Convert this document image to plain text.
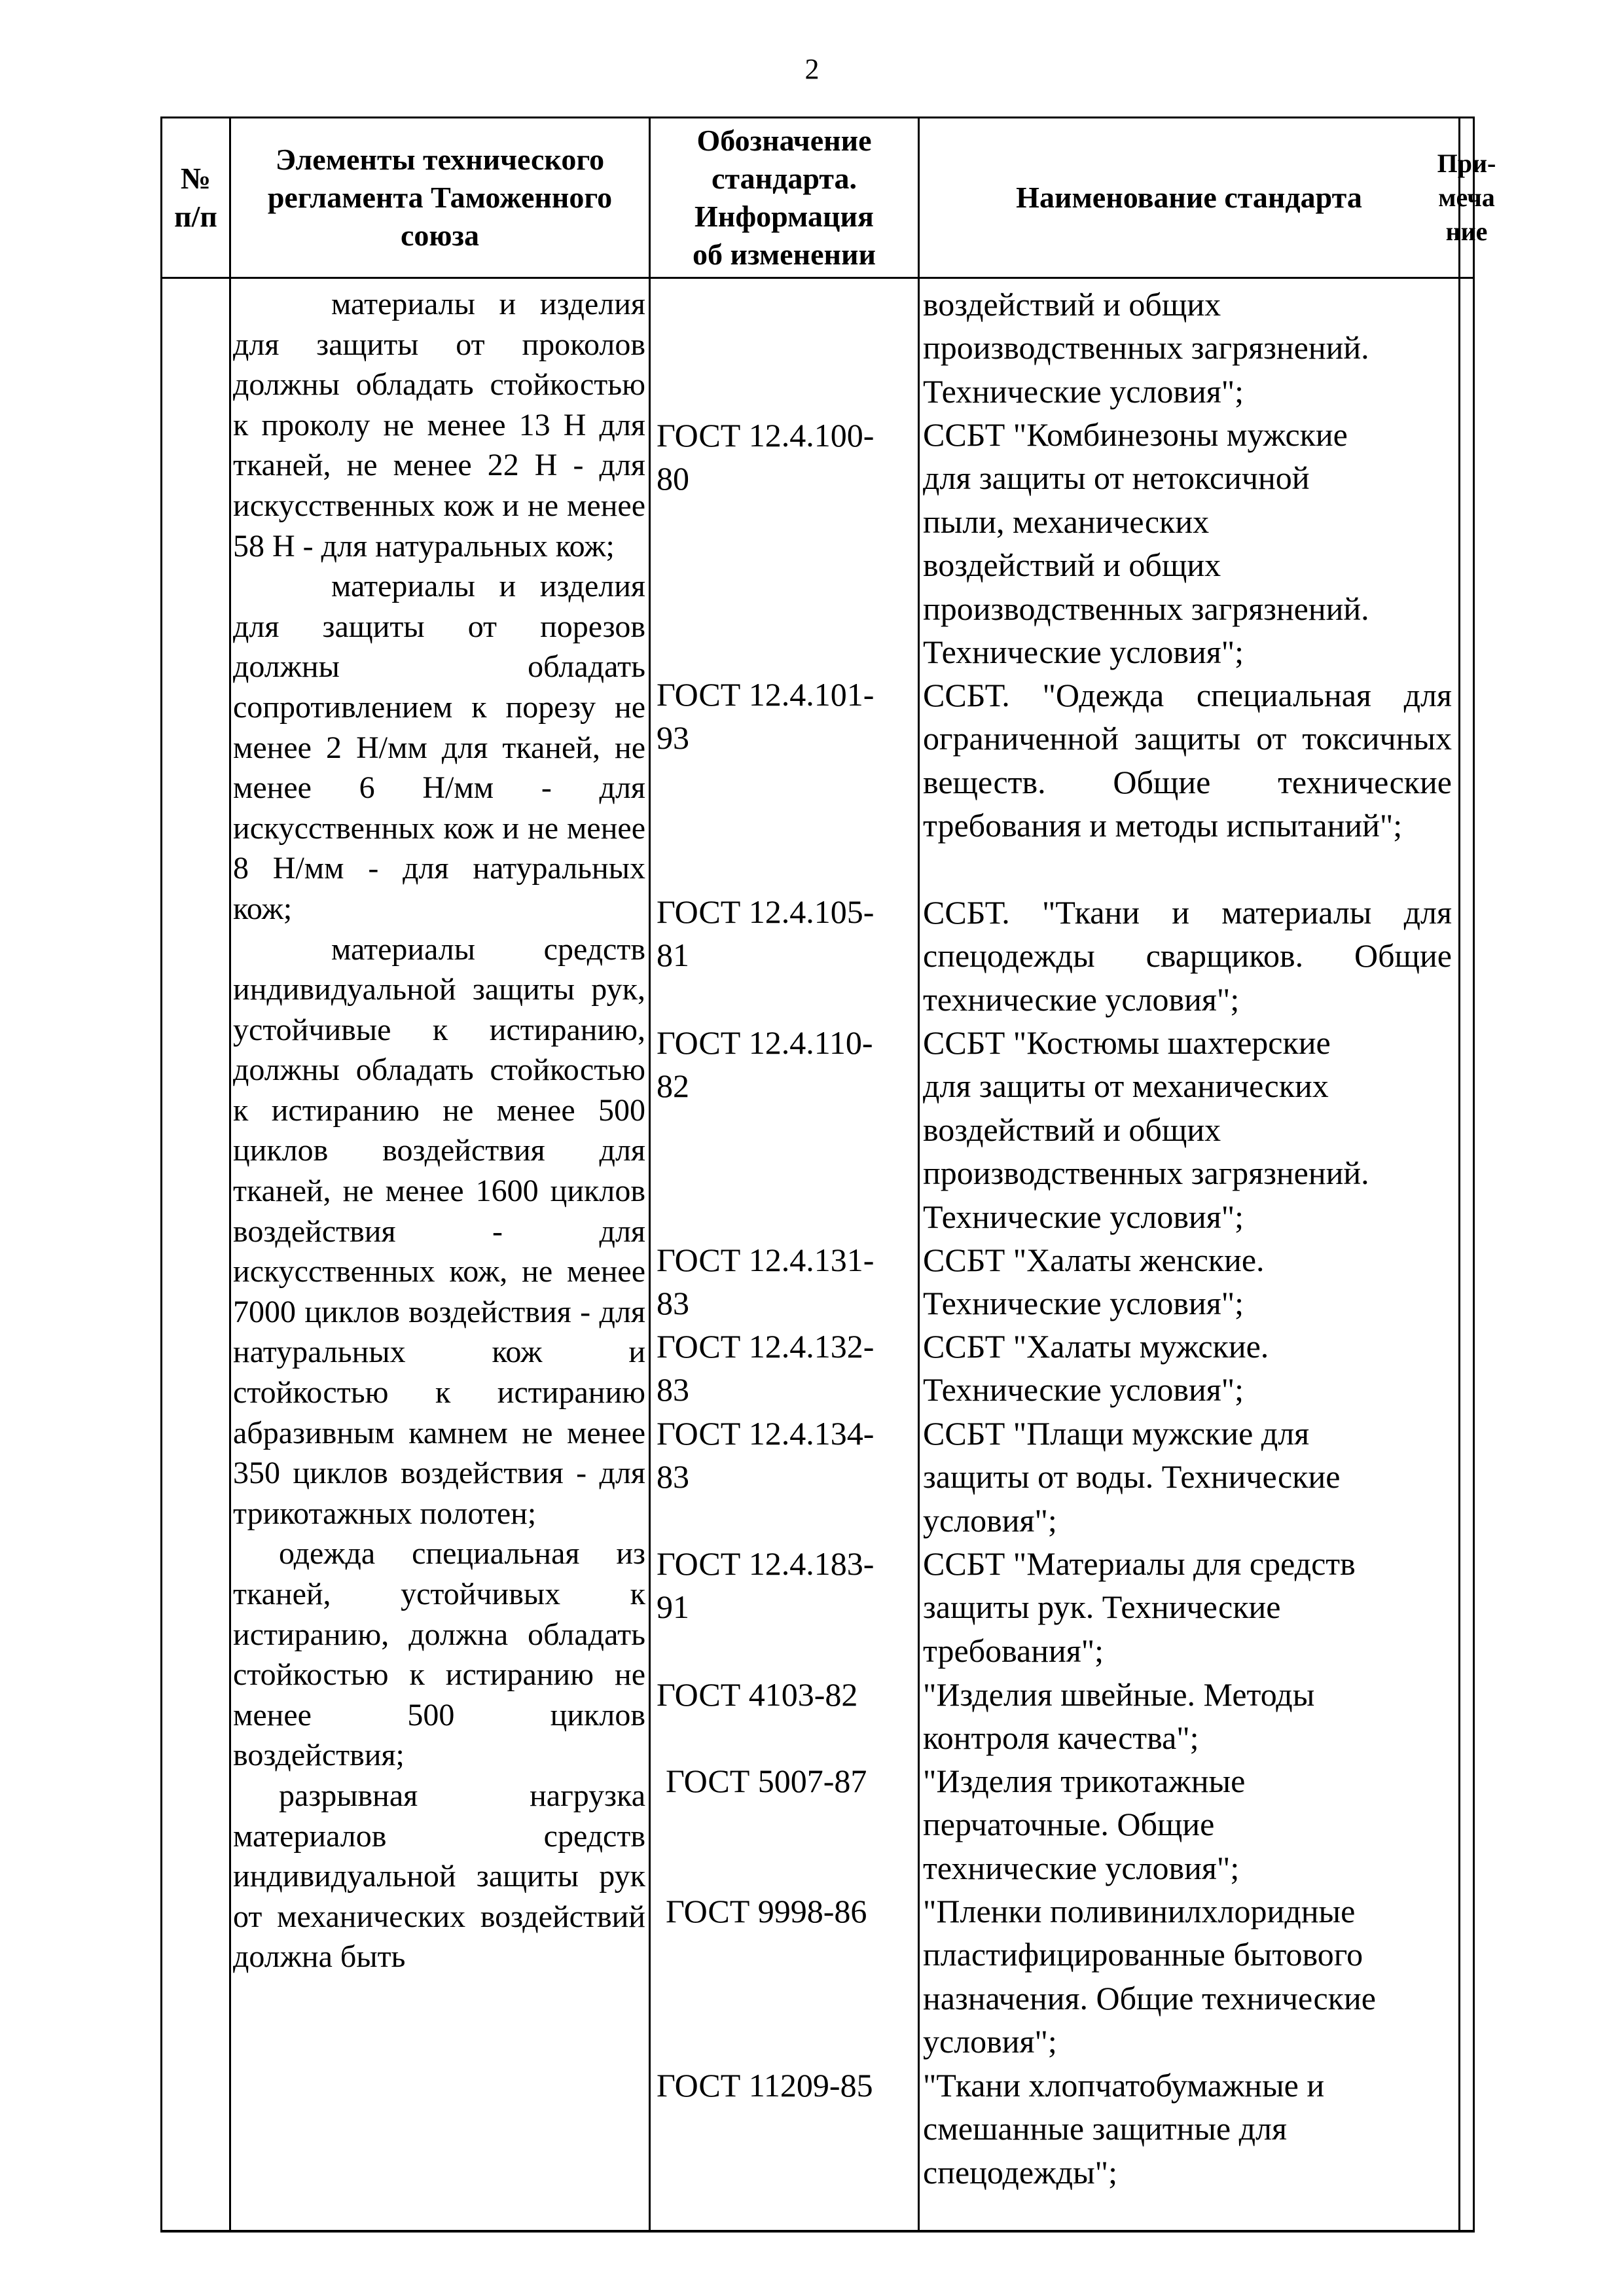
2
№
п/п
Элементы технического
регламента Таможенного
союза
Обозначение
стандарта.
Информация
об изменении
Наименование стандарта
При-
меча
ние

материалы и изделия для защиты от проколов должны обладать стойкостью к проколу не менее 13 Н для тканей, не менее 22 Н - для искусственных кож и не менее 58 Н - для натуральных кож;

материалы и изделия для защиты от порезов должны обладать сопротивлением к порезу не менее 2 Н/мм для тканей, не менее 6 Н/мм - для искусственных кож и не менее 8 Н/мм - для натуральных кож;

материалы средств индивидуальной защиты рук, устойчивые к истиранию, должны обладать стойкостью к истиранию не менее 500 циклов воздействия для тканей, не менее 1600 циклов воздействия - для искусственных кож, не менее 7000 циклов воздействия - для натуральных кож и стойкостью к истиранию абразивным камнем не менее 350 циклов воздействия - для трикотажных полотен;

одежда специальная из тканей, устойчивых к истиранию, должна обладать стойкостью к истиранию не менее 500 циклов воздействия;

разрывная нагрузка материалов средств индивидуальной защиты рук от механических воздействий должна быть

ГОСТ 12.4.100-
80
ГОСТ 12.4.101-
93
ГОСТ 12.4.105-
81
ГОСТ 12.4.110-
82
ГОСТ 12.4.131-
83
ГОСТ 12.4.132-
83
ГОСТ 12.4.134-
83
ГОСТ 12.4.183-
91
ГОСТ 4103-82
ГОСТ 5007-87
ГОСТ 9998-86
ГОСТ 11209-85
воздействий и общих
производственных загрязнений.
Технические условия";
ССБТ "Комбинезоны мужские
для защиты от нетоксичной
пыли, механических
воздействий и общих
производственных загрязнений.
Технические условия";

ССБТ. "Одежда специальная для ограниченной защиты от токсичных веществ. Общие технические требования и методы испытаний";

ССБТ. "Ткани и материалы для спецодежды сварщиков. Общие технические условия";

ССБТ "Костюмы шахтерские
для защиты от механических
воздействий и общих
производственных загрязнений.
Технические условия";
ССБТ "Халаты женские.
Технические условия";
ССБТ "Халаты мужские.
Технические условия";
ССБТ "Плащи мужские для
защиты от воды. Технические
условия";
ССБТ "Материалы для средств
защиты рук. Технические
требования";
"Изделия швейные. Методы
контроля качества";
"Изделия трикотажные
перчаточные. Общие
технические условия";
"Пленки поливинилхлоридные
пластифицированные бытового
назначения. Общие технические
условия";
"Ткани хлопчатобумажные и
смешанные защитные для
спецодежды";
